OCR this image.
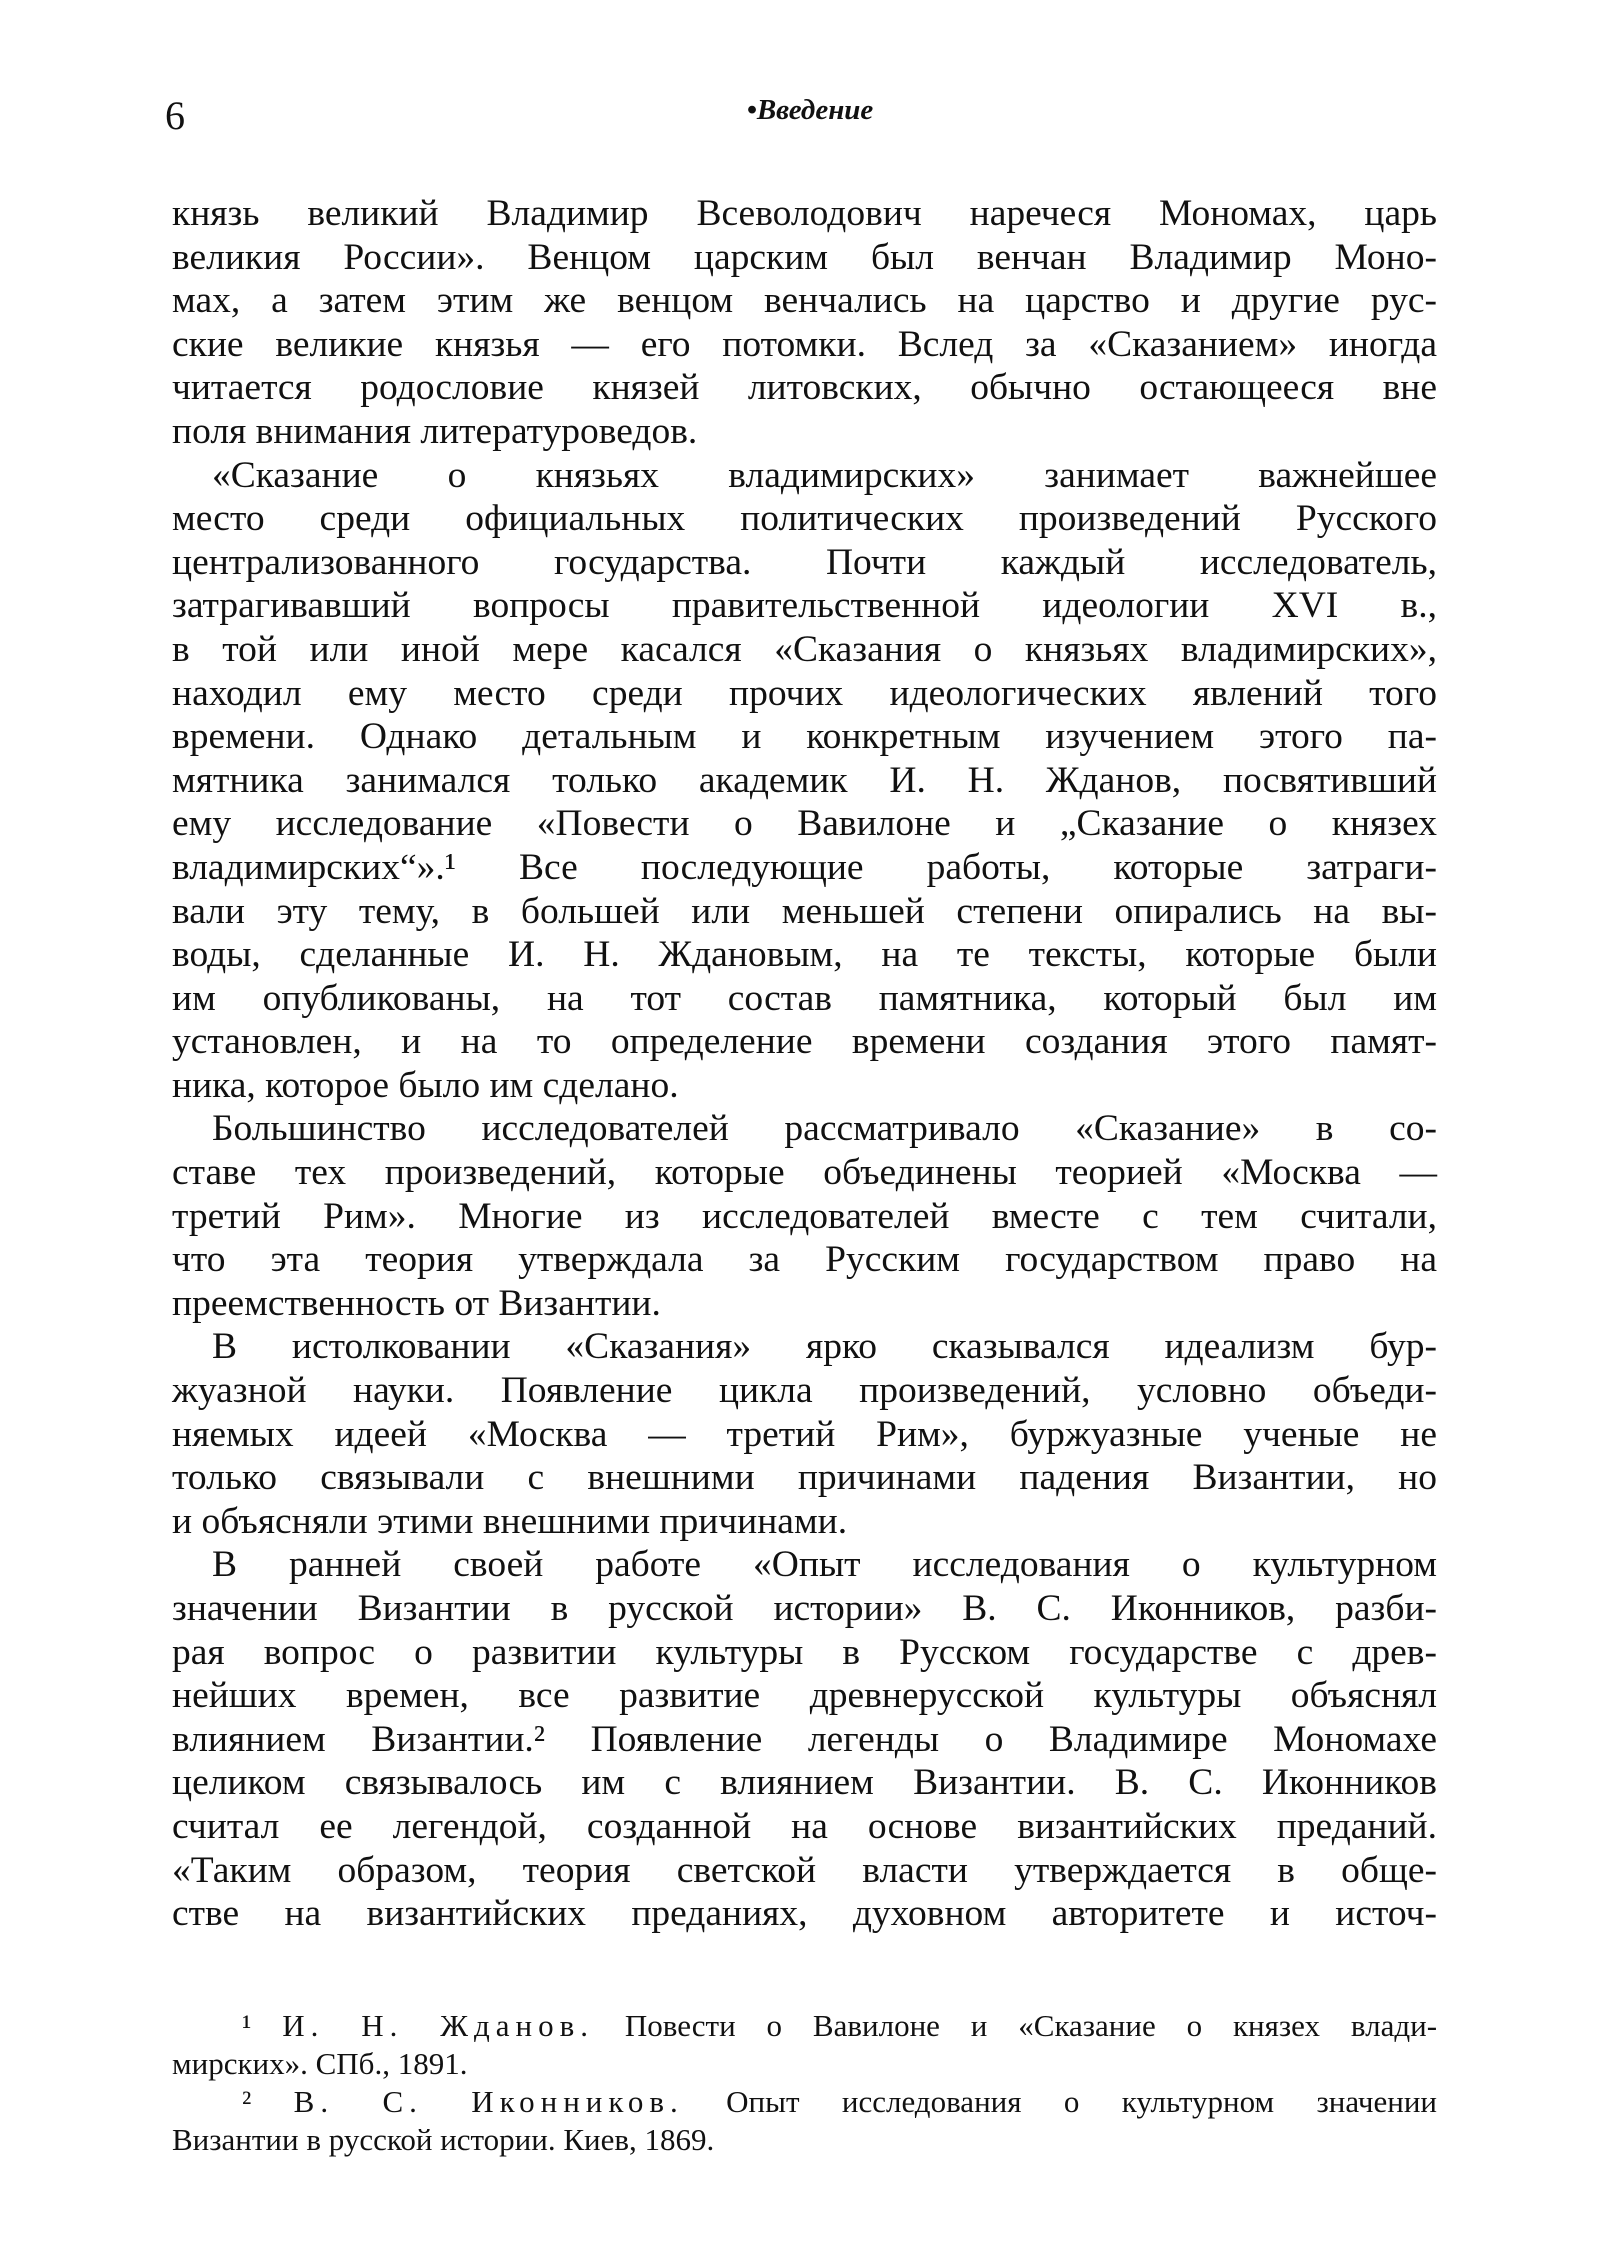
6	•Введение
князь великий Владимир Всеволодович наречеся Мономах, царь
великия России». Венцом царским был венчан Владимир Моно-
мах, а затем этим же венцом венчались на царство и другие рус-
ские великие князья — его потомки. Вслед за «Сказанием» иногда
читается родословие князей литовских, обычно остающееся вне
поля внимания литературоведов.
«Сказание о князьях владимирских» занимает важнейшее
место среди официальных политических произведений Русского
централизованного государства. Почти каждый исследователь,
затрагивавший вопросы правительственной идеологии XVI в.,
в той или иной мере касался «Сказания о князьях владимирских»,
находил ему место среди прочих идеологических явлений того
времени. Однако детальным и конкретным изучением этого па-
мятника занимался только академик И. Н. Жданов, посвятивший
ему исследование «Повести о Вавилоне и „Сказание о князех
владимирских“».¹ Все последующие работы, которые затраги-
вали эту тему, в большей или меньшей степени опирались на вы-
воды, сделанные И. Н. Ждановым, на те тексты, которые были
им опубликованы, на тот состав памятника, который был им
установлен, и на то определение времени создания этого памят-
ника, которое было им сделано.
Большинство исследователей рассматривало «Сказание» в со-
ставе тех произведений, которые объединены теорией «Москва —
третий Рим». Многие из исследователей вместе с тем считали,
что эта теория утверждала за Русским государством право на
преемственность от Византии.
В истолковании «Сказания» ярко сказывался идеализм бур-
жуазной науки. Появление цикла произведений, условно объеди-
няемых идеей «Москва — третий Рим», буржуазные ученые не
только связывали с внешними причинами падения Византии, но
и объясняли этими внешними причинами.
В ранней своей работе «Опыт исследования о культурном
значении Византии в русской истории» В. С. Иконников, разби-
рая вопрос о развитии культуры в Русском государстве с древ-
нейших времен, все развитие древнерусской культуры объяснял
влиянием Византии.² Появление легенды о Владимире Мономахе
целиком связывалось им с влиянием Византии. В. С. Иконников
считал ее легендой, созданной на основе византийских преданий.
«Таким образом, теория светской власти утверждается в обще-
стве на византийских преданиях, духовном авторитете и источ-
¹ И. Н. Жданов. Повести о Вавилоне и «Сказание о князех влади-
мирских». СПб., 1891.
² В. С. Иконников. Опыт исследования о культурном значении
Византии в русской истории. Киев, 1869.
